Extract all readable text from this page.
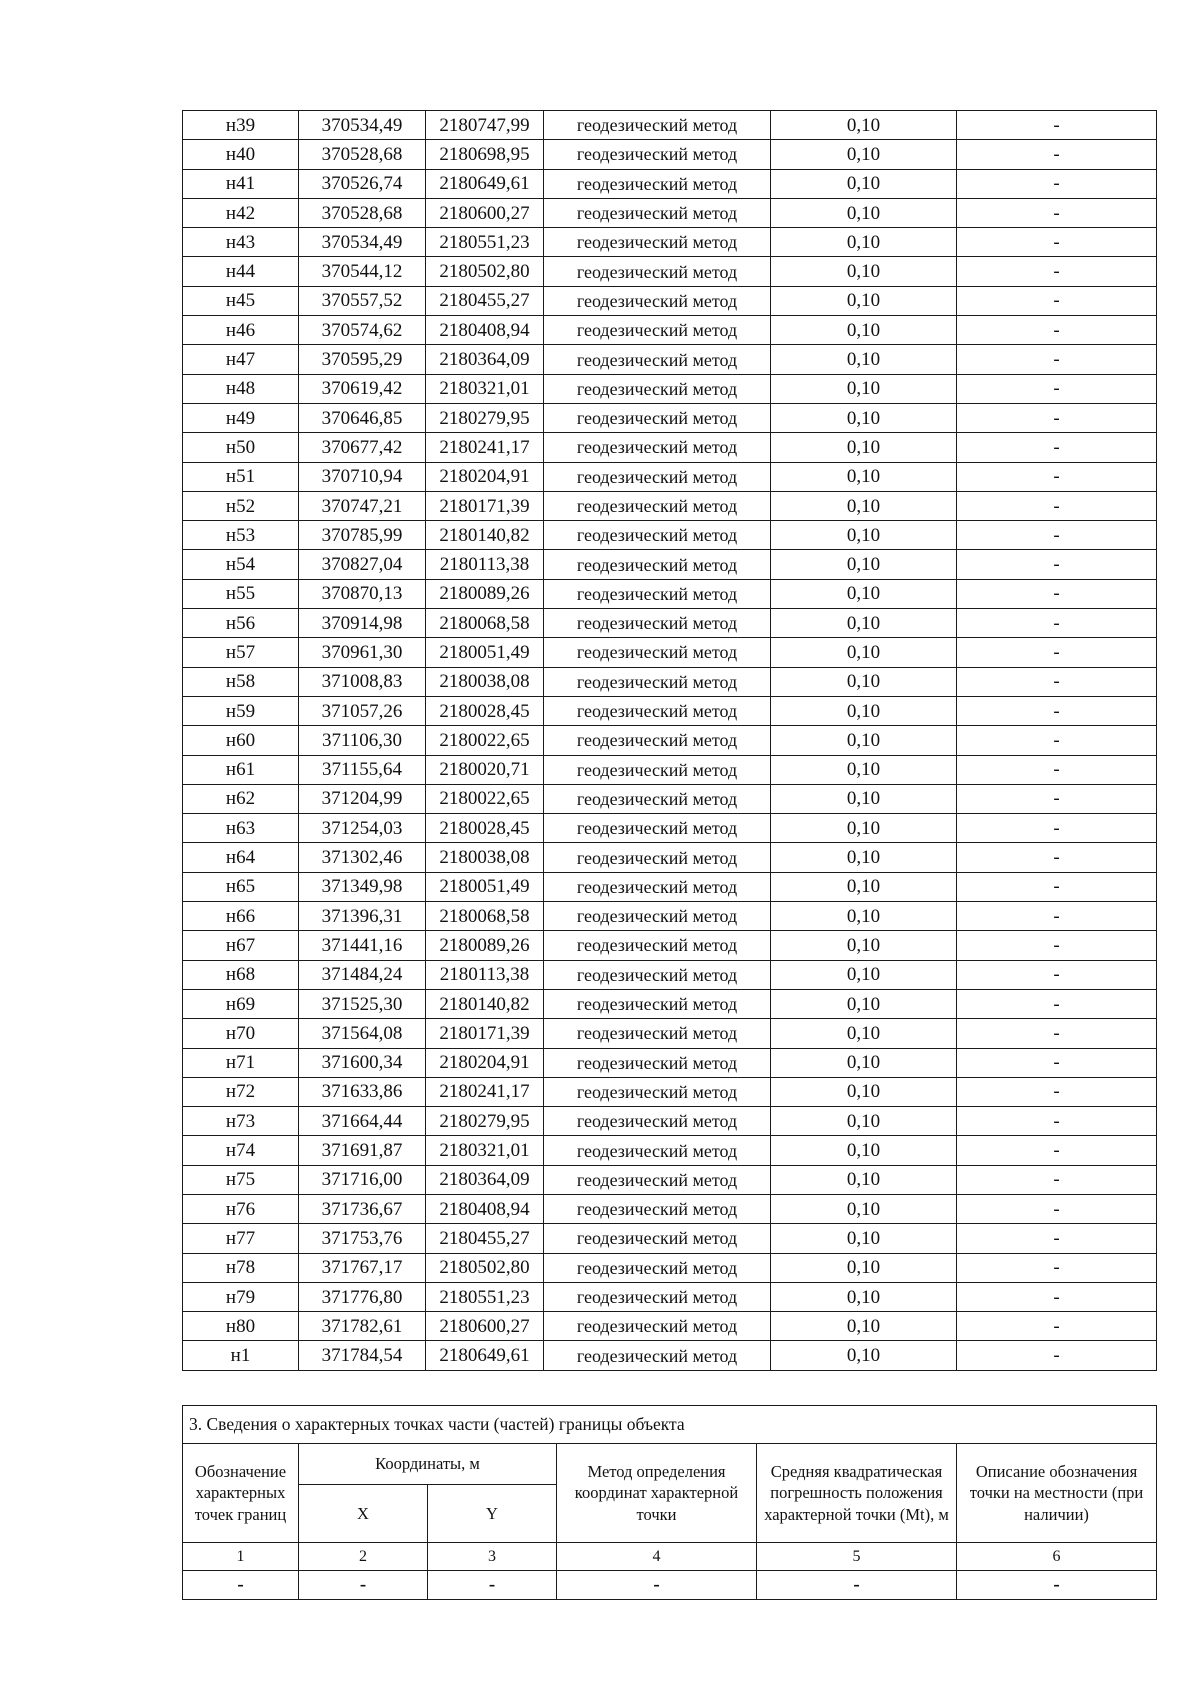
н39	370534,49	2180747,99	геодезический метод	0,10	-
н40	370528,68	2180698,95	геодезический метод	0,10	-
н41	370526,74	2180649,61	геодезический метод	0,10	-
н42	370528,68	2180600,27	геодезический метод	0,10	-
н43	370534,49	2180551,23	геодезический метод	0,10	-
н44	370544,12	2180502,80	геодезический метод	0,10	-
н45	370557,52	2180455,27	геодезический метод	0,10	-
н46	370574,62	2180408,94	геодезический метод	0,10	-
н47	370595,29	2180364,09	геодезический метод	0,10	-
н48	370619,42	2180321,01	геодезический метод	0,10	-
н49	370646,85	2180279,95	геодезический метод	0,10	-
н50	370677,42	2180241,17	геодезический метод	0,10	-
н51	370710,94	2180204,91	геодезический метод	0,10	-
н52	370747,21	2180171,39	геодезический метод	0,10	-
н53	370785,99	2180140,82	геодезический метод	0,10	-
н54	370827,04	2180113,38	геодезический метод	0,10	-
н55	370870,13	2180089,26	геодезический метод	0,10	-
н56	370914,98	2180068,58	геодезический метод	0,10	-
н57	370961,30	2180051,49	геодезический метод	0,10	-
н58	371008,83	2180038,08	геодезический метод	0,10	-
н59	371057,26	2180028,45	геодезический метод	0,10	-
н60	371106,30	2180022,65	геодезический метод	0,10	-
н61	371155,64	2180020,71	геодезический метод	0,10	-
н62	371204,99	2180022,65	геодезический метод	0,10	-
н63	371254,03	2180028,45	геодезический метод	0,10	-
н64	371302,46	2180038,08	геодезический метод	0,10	-
н65	371349,98	2180051,49	геодезический метод	0,10	-
н66	371396,31	2180068,58	геодезический метод	0,10	-
н67	371441,16	2180089,26	геодезический метод	0,10	-
н68	371484,24	2180113,38	геодезический метод	0,10	-
н69	371525,30	2180140,82	геодезический метод	0,10	-
н70	371564,08	2180171,39	геодезический метод	0,10	-
н71	371600,34	2180204,91	геодезический метод	0,10	-
н72	371633,86	2180241,17	геодезический метод	0,10	-
н73	371664,44	2180279,95	геодезический метод	0,10	-
н74	371691,87	2180321,01	геодезический метод	0,10	-
н75	371716,00	2180364,09	геодезический метод	0,10	-
н76	371736,67	2180408,94	геодезический метод	0,10	-
н77	371753,76	2180455,27	геодезический метод	0,10	-
н78	371767,17	2180502,80	геодезический метод	0,10	-
н79	371776,80	2180551,23	геодезический метод	0,10	-
н80	371782,61	2180600,27	геодезический метод	0,10	-
н1	371784,54	2180649,61	геодезический метод	0,10	-
3. Сведения о характерных точках части (частей) границы объекта					
Обозначение характерных точек границ	Координаты, м		Метод определения координат характерной точки	Средняя квадратическая погрешность положения характерной точки (Mt), м	Описание обозначения точки на местности (при наличии)
	X	Y			
1	2	3	4	5	6
-	-	-	-	-	-
